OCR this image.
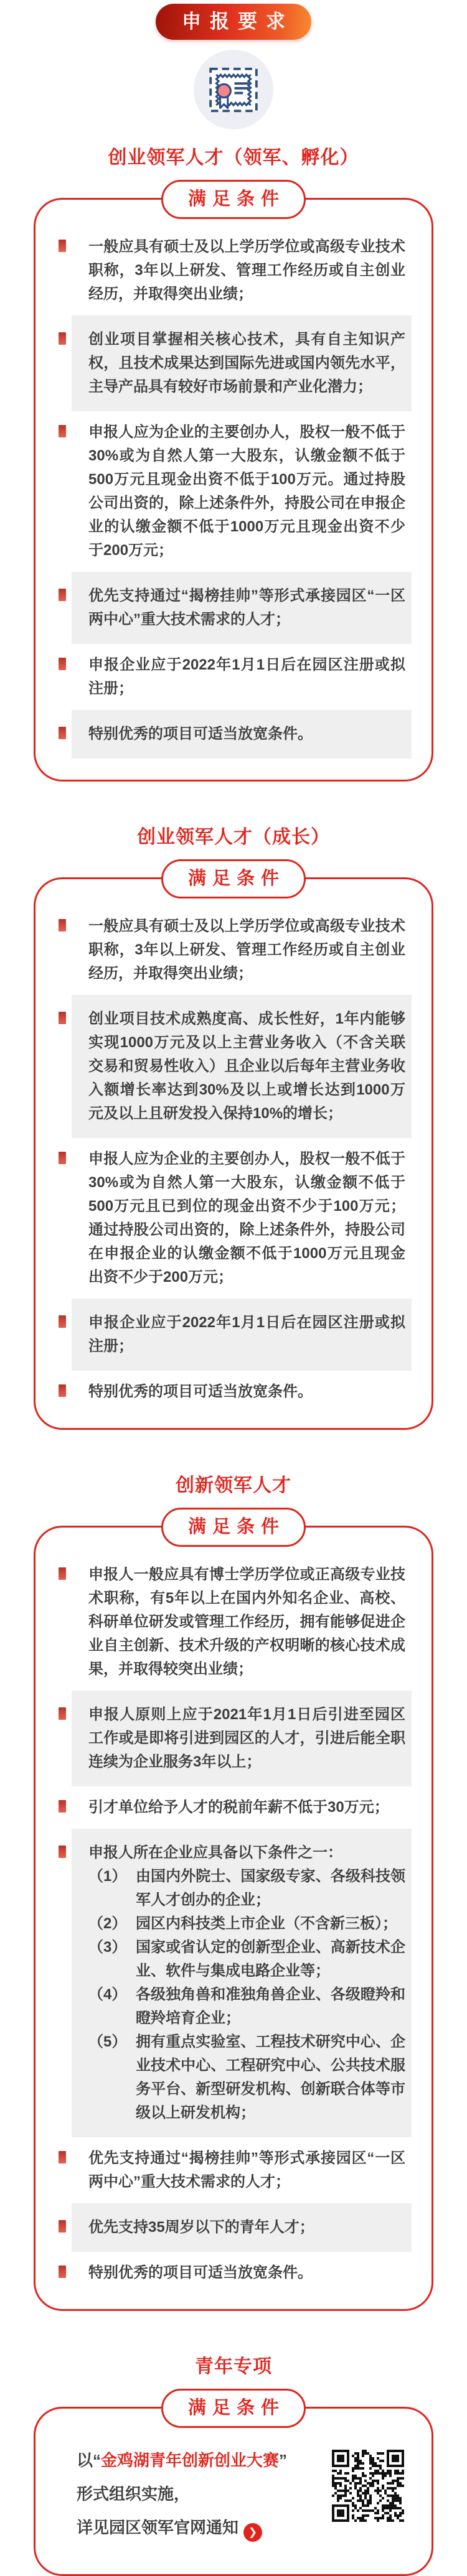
申报要求
创业领军人才（领军、孵化）
满足条件
一般应具有硕士及以上学历学位或高级专业技术职称，3年以上研发、管理工作经历或自主创业经历，并取得突出业绩；
创业项目掌握相关核心技术，具有自主知识产权，且技术成果达到国际先进或国内领先水平，主导产品具有较好市场前景和产业化潜力；
申报人应为企业的主要创办人，股权一般不低于30%或为自然人第一大股东，认缴金额不低于500万元且现金出资不低于100万元。通过持股公司出资的，除上述条件外，持股公司在申报企业的认缴金额不低于1000万元且现金出资不少于200万元；
优先支持通过“揭榜挂帅”等形式承接园区“一区两中心”重大技术需求的人才；
申报企业应于2022年1月1日后在园区注册或拟注册；
特别优秀的项目可适当放宽条件。
创业领军人才（成长）
满足条件
一般应具有硕士及以上学历学位或高级专业技术职称，3年以上研发、管理工作经历或自主创业经历，并取得突出业绩；
创业项目技术成熟度高、成长性好，1年内能够实现1000万元及以上主营业务收入（不含关联交易和贸易性收入）且企业以后每年主营业务收入额增长率达到30%及以上或增长达到1000万元及以上且研发投入保持10%的增长；
申报人应为企业的主要创办人，股权一般不低于30%或为自然人第一大股东，认缴金额不低于500万元且已到位的现金出资不少于100万元；通过持股公司出资的，除上述条件外，持股公司在申报企业的认缴金额不低于1000万元且现金出资不少于200万元；
申报企业应于2022年1月1日后在园区注册或拟注册；
特别优秀的项目可适当放宽条件。
创新领军人才
满足条件
申报人一般应具有博士学历学位或正高级专业技术职称，有5年以上在国内外知名企业、高校、科研单位研发或管理工作经历，拥有能够促进企业自主创新、技术升级的产权明晰的核心技术成果，并取得较突出业绩；
申报人原则上应于2021年1月1日后引进至园区工作或是即将引进到园区的人才，引进后能全职连续为企业服务3年以上；
引才单位给予人才的税前年薪不低于30万元；
申报人所在企业应具备以下条件之一：
（1） 由国内外院士、国家级专家、各级科技领军人才创办的企业；
（2） 园区内科技类上市企业（不含新三板）；
（3） 国家或省认定的创新型企业、高新技术企业、软件与集成电路企业等；
（4） 各级独角兽和准独角兽企业、各级瞪羚和瞪羚培育企业；
（5） 拥有重点实验室、工程技术研究中心、企业技术中心、工程研究中心、公共技术服务平台、新型研发机构、创新联合体等市级以上研发机构；
优先支持通过“揭榜挂帅”等形式承接园区“一区两中心”重大技术需求的人才；
优先支持35周岁以下的青年人才；
特别优秀的项目可适当放宽条件。
青年专项
满足条件
以“金鸡湖青年创新创业大赛”
形式组织实施，
详见园区领军官网通知 ❯
